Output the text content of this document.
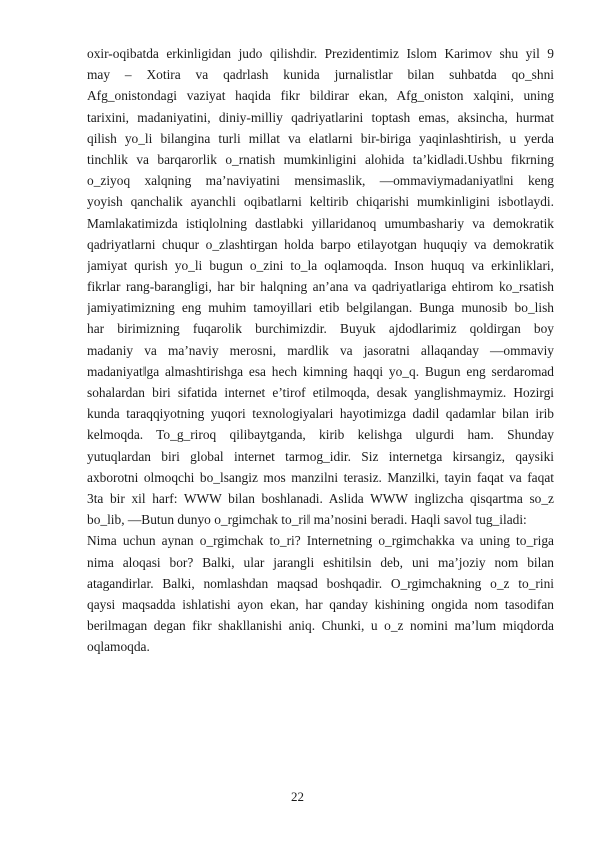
oxir-oqibatda erkinligidan judo qilishdir. Prezidentimiz Islom Karimov shu yil 9
may – Xotira va qadrlash kunida jurnalistlar bilan suhbatda qo_shni
Afg_onistondagi vaziyat haqida fikr bildirar ekan, Afg_oniston xalqini, uning
tarixini, madaniyatini, diniy-milliy qadriyatlarini toptash emas, aksincha, hurmat
qilish yo_li bilangina turli millat va elatlarni bir-biriga yaqinlashtirish, u yerda
tinchlik va barqarorlik o_rnatish mumkinligini alohida ta’kidladi.Ushbu fikrning
o_ziyoq xalqning ma’naviyatini mensimaslik, ―ommaviymadaniyat‖ni keng
yoyish qanchalik ayanchli oqibatlarni keltirib chiqarishi mumkinligini isbotlaydi.
Mamlakatimizda istiqlolning dastlabki yillaridanoq umumbashariy va demokratik
qadriyatlarni chuqur o_zlashtirgan holda barpo etilayotgan huquqiy va demokratik
jamiyat qurish yo_li bugun o_zini to_la oqlamoqda. Inson huquq va erkinliklari,
fikrlar rang-barangligi, har bir halqning an’ana va qadriyatlariga ehtirom ko_rsatish
jamiyatimizning eng muhim tamoyillari etib belgilangan. Bunga munosib bo_lish
har birimizning fuqarolik burchimizdir. Buyuk ajdodlarimiz qoldirgan boy
madaniy va ma’naviy merosni, mardlik va jasoratni allaqanday ―ommaviy
madaniyat‖ga almashtirishga esa hech kimning haqqi yo_q. Bugun eng serdaromad
sohalardan biri sifatida internet e’tirof etilmoqda, desak yanglishmaymiz. Hozirgi
kunda taraqqiyotning yuqori texnologiyalari hayotimizga dadil qadamlar bilan irib
kelmoqda. To_g_riroq qilibaytganda, kirib kelishga ulgurdi ham. Shunday
yutuqlardan biri global internet tarmog_idir. Siz internetga kirsangiz, qaysiki
axborotni olmoqchi bo_lsangiz mos manzilni terasiz. Manzilki, tayin faqat va faqat
3ta bir xil harf: WWW bilan boshlanadi. Aslida WWW inglizcha qisqartma so_z
bo_lib, ―Butun dunyo o_rgimchak to_ri‖ ma’nosini beradi. Haqli savol tug_iladi:
Nima uchun aynan o_rgimchak to_ri? Internetning o_rgimchakka va uning to_riga
nima aloqasi bor? Balki, ular jarangli eshitilsin deb, uni ma’joziy nom bilan
atagandirlar. Balki, nomlashdan maqsad boshqadir. O_rgimchakning o_z to_rini
qaysi maqsadda ishlatishi ayon ekan, har qanday kishining ongida nom tasodifan
berilmagan degan fikr shakllanishi aniq. Chunki, u o_z nomini ma’lum miqdorda
oqlamoqda.
22
